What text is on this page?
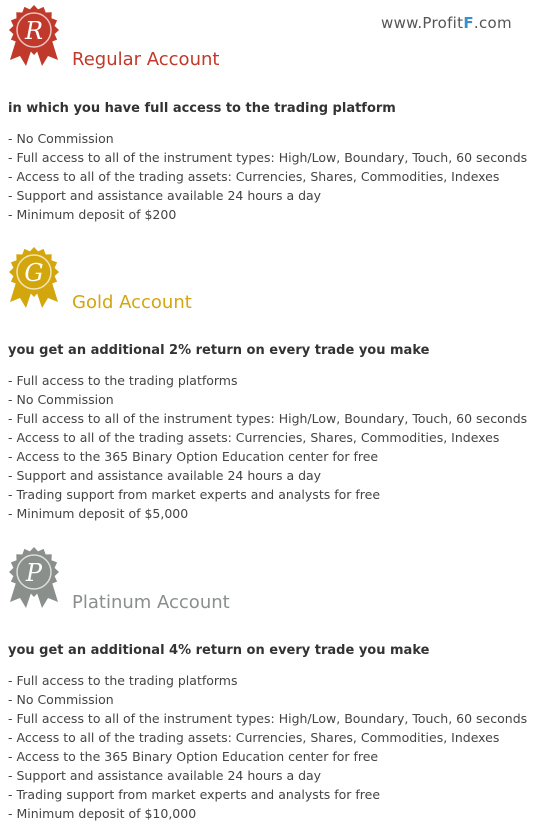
www.ProfitF.com
R
Regular Account
in which you have full access to the trading platform
- No Commission
- Full access to all of the instrument types: High/Low, Boundary, Touch, 60 seconds
- Access to all of the trading assets: Currencies, Shares, Commodities, Indexes
- Support and assistance available 24 hours a day
- Minimum deposit of $200
G
Gold Account
you get an additional 2% return on every trade you make
- Full access to the trading platforms
- No Commission
- Full access to all of the instrument types: High/Low, Boundary, Touch, 60 seconds
- Access to all of the trading assets: Currencies, Shares, Commodities, Indexes
- Access to the 365 Binary Option Education center for free
- Support and assistance available 24 hours a day
- Trading support from market experts and analysts for free
- Minimum deposit of $5,000
P
Platinum Account
you get an additional 4% return on every trade you make
- Full access to the trading platforms
- No Commission
- Full access to all of the instrument types: High/Low, Boundary, Touch, 60 seconds
- Access to all of the trading assets: Currencies, Shares, Commodities, Indexes
- Access to the 365 Binary Option Education center for free
- Support and assistance available 24 hours a day
- Trading support from market experts and analysts for free
- Minimum deposit of $10,000
